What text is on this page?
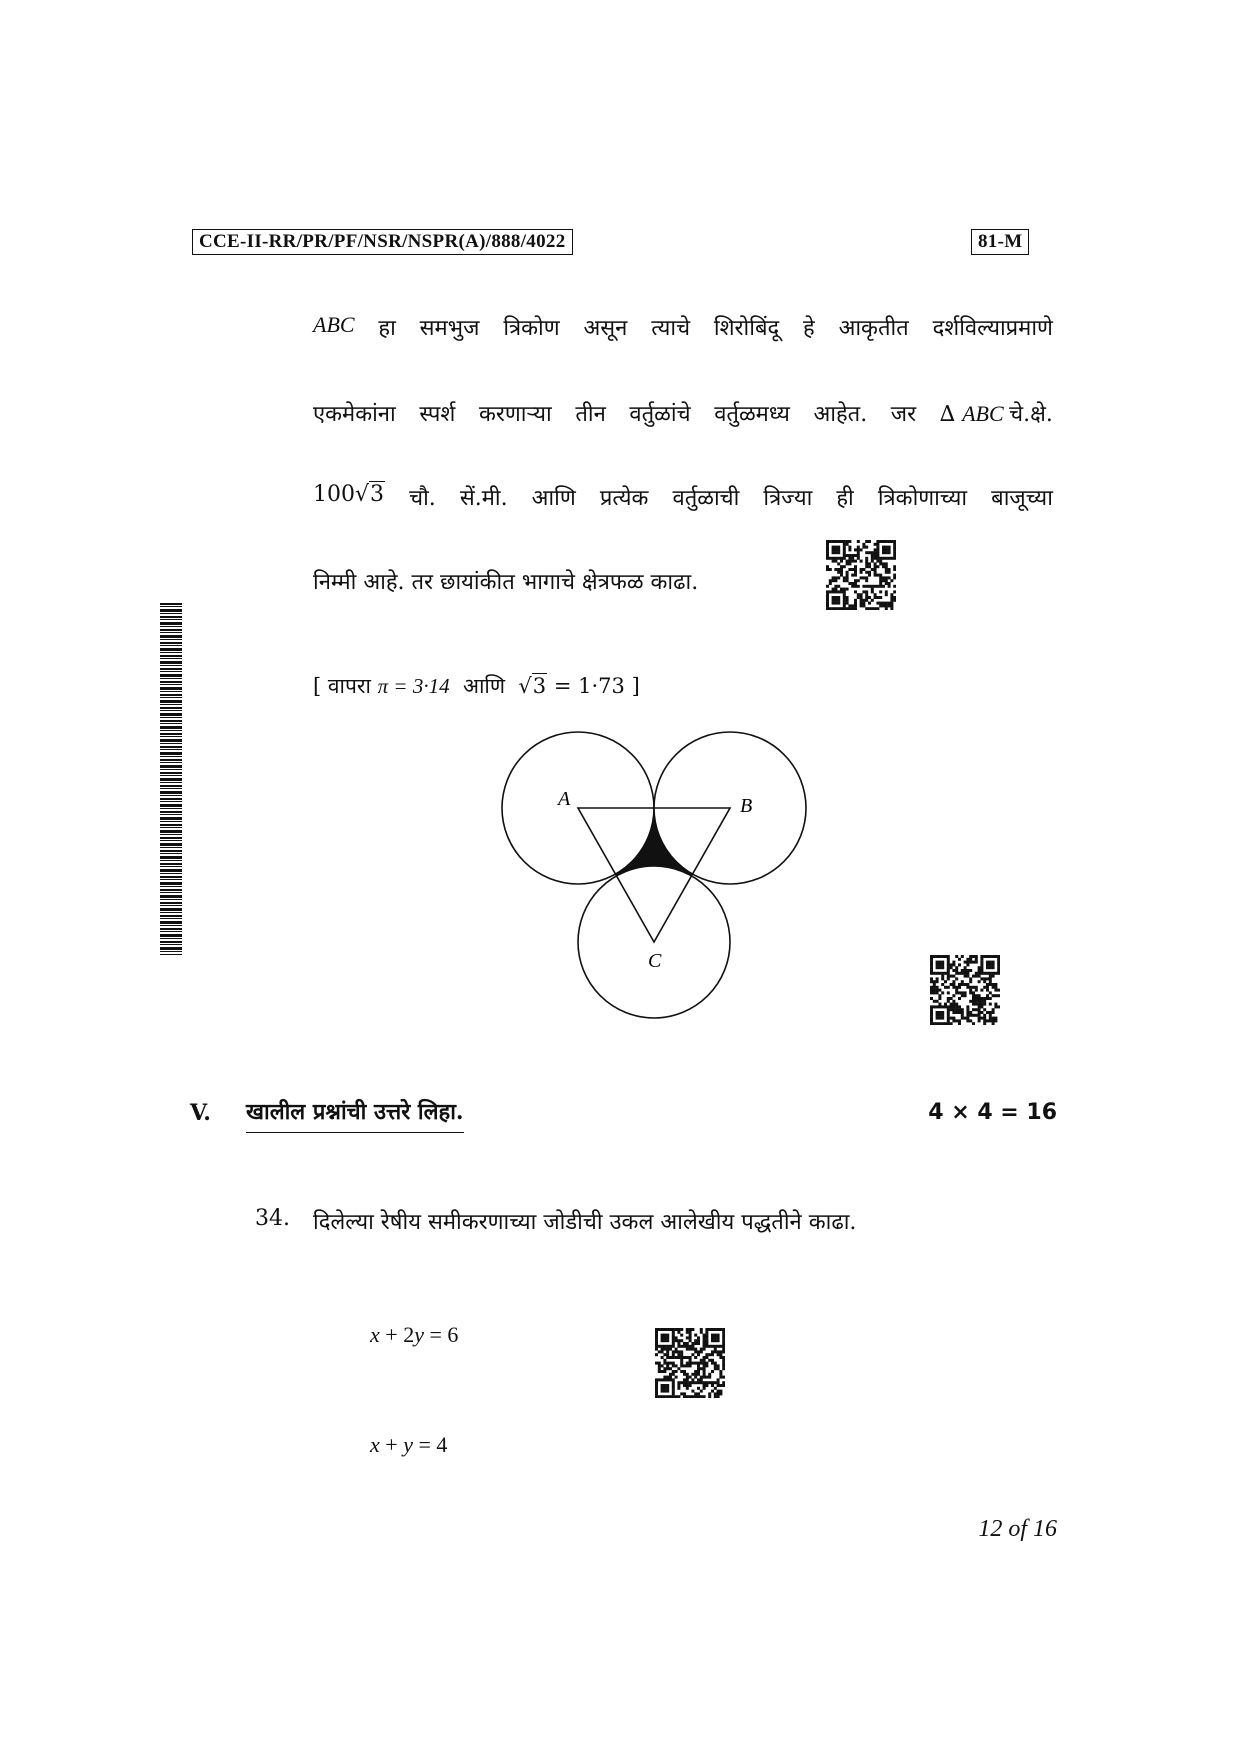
CCE-II-RR/PR/PF/NSR/NSPR(A)/888/4022	81-M
ABC हा समभुज त्रिकोण असून त्याचे शिरोबिंदू हे आकृतीत दर्शविल्याप्रमाणे
एकमेकांना स्पर्श करणाऱ्या तीन वर्तुळांचे वर्तुळमध्य आहेत. जर ∆ ABC चे.क्षे.
100√3 चौ. सें.मी. आणि प्रत्येक वर्तुळाची त्रिज्या ही त्रिकोणाच्या बाजूच्या
निम्मी आहे. तर छायांकीत भागाचे क्षेत्रफळ काढा.
[ वापरा π = 3·14 आणि √3 = 1·73 ]
A	B
C
V. खालील प्रश्नांची उत्तरे लिहा.	4 × 4 = 16
34. दिलेल्या रेषीय समीकरणाच्या जोडीची उकल आलेखीय पद्धतीने काढा.
x + 2y = 6
x + y = 4
12 of 16
